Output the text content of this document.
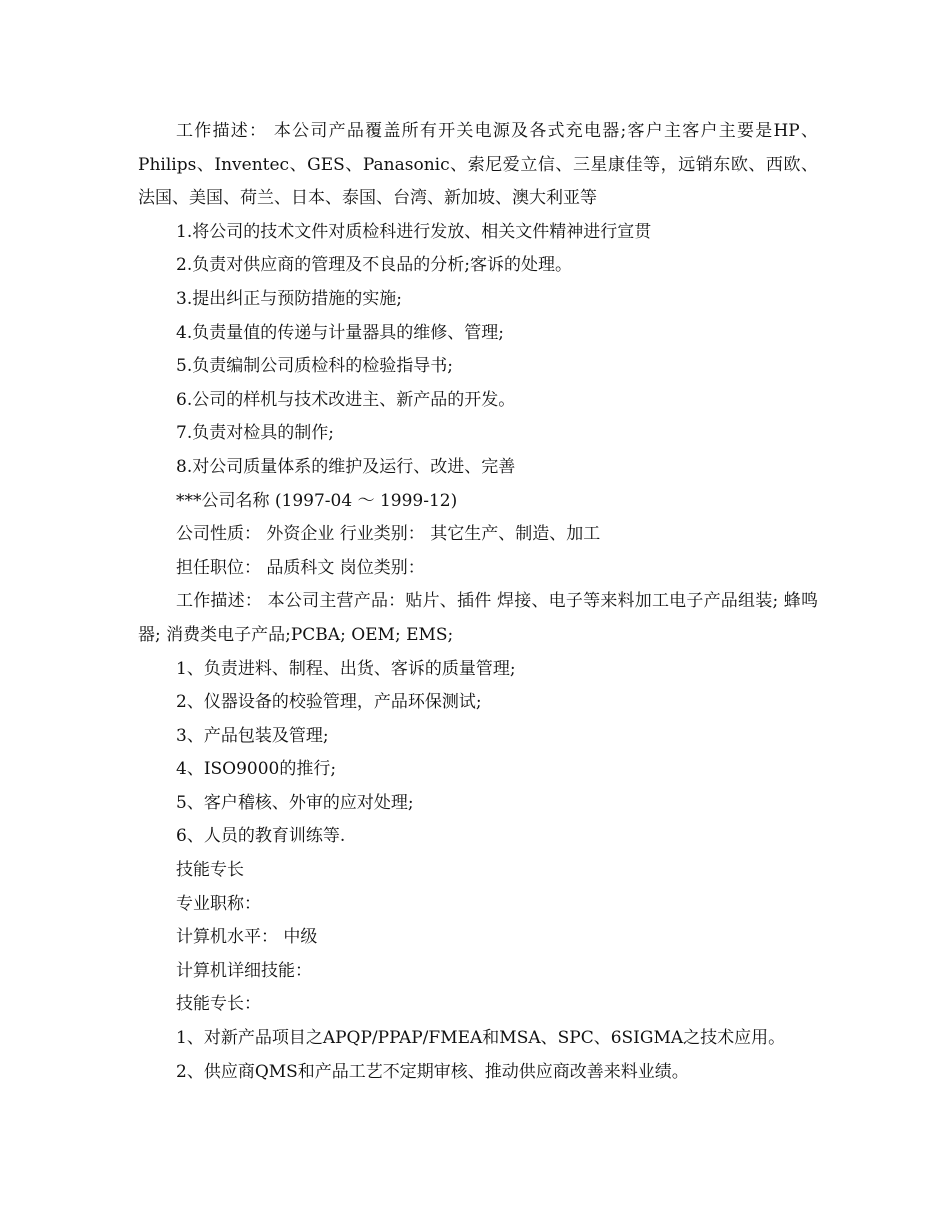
工作描述： 本公司产品覆盖所有开关电源及各式充电器;客户主客户主要是HP、Philips、Inventec、GES、Panasonic、索尼爱立信、三星康佳等，远销东欧、西欧、法国、美国、荷兰、日本、泰国、台湾、新加坡、澳大利亚等

1.将公司的技术文件对质检科进行发放、相关文件精神进行宣贯

2.负责对供应商的管理及不良品的分析;客诉的处理。

3.提出纠正与预防措施的实施;

4.负责量值的传递与计量器具的维修、管理;

5.负责编制公司质检科的检验指导书;

6.公司的样机与技术改进主、新产品的开发。

7.负责对检具的制作;

8.对公司质量体系的维护及运行、改进、完善

***公司名称 (1997-04 ～ 1999-12)

公司性质： 外资企业 行业类别： 其它生产、制造、加工

担任职位： 品质科文 岗位类别：

工作描述： 本公司主营产品：贴片、插件 焊接、电子等来料加工电子产品组装; 蜂鸣器; 消费类电子产品;PCBA; OEM; EMS;

1、负责进料、制程、出货、客诉的质量管理;

2、仪器设备的校验管理，产品环保测试;

3、产品包装及管理;

4、ISO9000的推行;

5、客户稽核、外审的应对处理;

6、人员的教育训练等.

技能专长

专业职称：

计算机水平： 中级

计算机详细技能：

技能专长：

1、对新产品项目之APQP/PPAP/FMEA和MSA、SPC、6SIGMA之技术应用。

2、供应商QMS和产品工艺不定期审核、推动供应商改善来料业绩。
